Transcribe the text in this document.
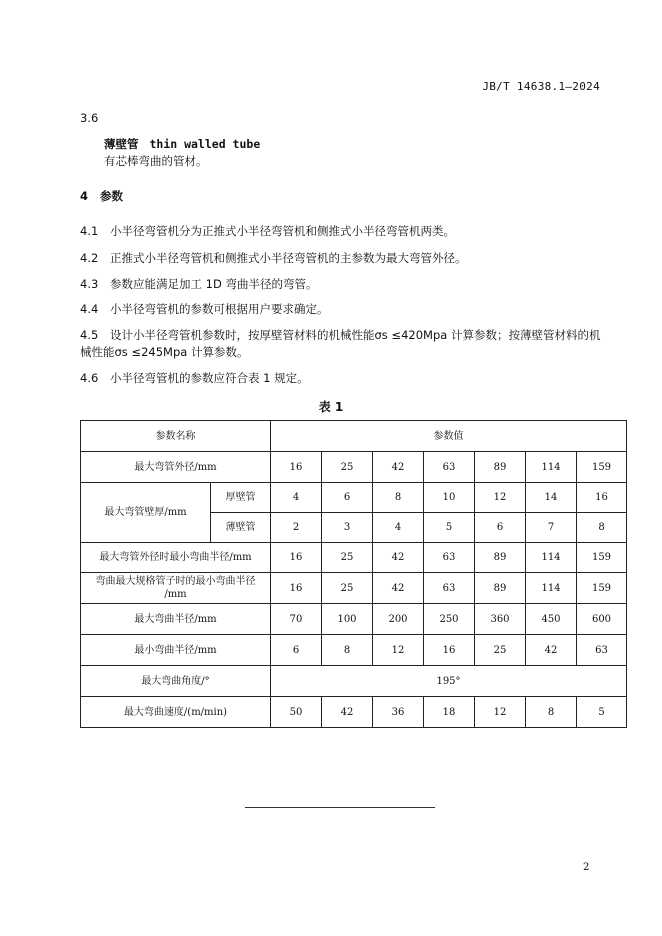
JB/T 14638.1—2024
3.6
薄壁管 thin walled tube
有芯棒弯曲的管材。
4 参数
4.1 小半径弯管机分为正推式小半径弯管机和侧推式小半径弯管机两类。
4.2 正推式小半径弯管机和侧推式小半径弯管机的主参数为最大弯管外径。
4.3 参数应能满足加工 1D 弯曲半径的弯管。
4.4 小半径弯管机的参数可根据用户要求确定。
4.5 设计小半径弯管机参数时，按厚壁管材料的机械性能σs ≤420Mpa 计算参数；按薄壁管材料的机
械性能σs ≤245Mpa 计算参数。
4.6 小半径弯管机的参数应符合表 1 规定。
表 1
参数名称		参数值						
最大弯管外径/mm		16	25	42	63	89	114	159
最大弯管壁厚/mm	厚壁管	4	6	8	10	12	14	16
	薄壁管	2	3	4	5	6	7	8
最大弯管外径时最小弯曲半径/mm		16	25	42	63	89	114	159

弯曲最大规格管子时的最小弯曲半径
/mm		16	25	42	63	89	114	159
最大弯曲半径/mm		70	100	200	250	360	450	600
最小弯曲半径/mm		6	8	12	16	25	42	63
最大弯曲角度/°		195°						
最大弯曲速度/(m/min)		50	42	36	18	12	8	5
2
